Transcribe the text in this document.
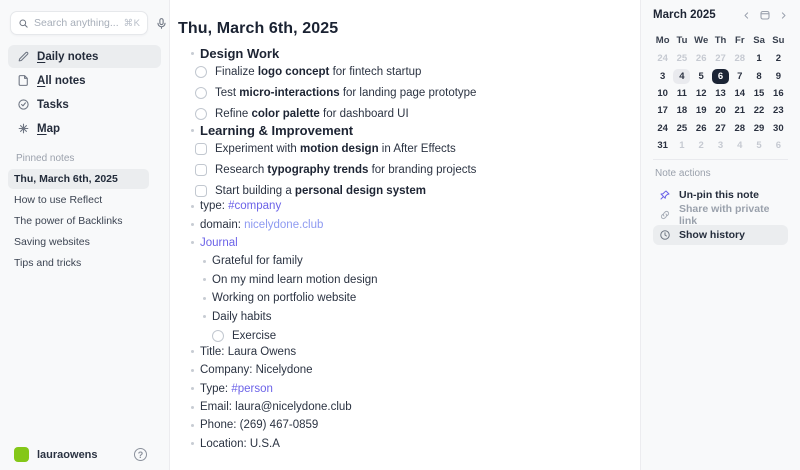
Search anything... ⌘K
Daily notes
All notes
Tasks
Map
Pinned notes
Thu, March 6th, 2025
How to use Reflect
The power of Backlinks
Saving websites
Tips and tricks
lauraowens	?
Thu, March 6th, 2025
Design Work
Finalize logo concept for fintech startup
Test micro-interactions for landing page prototype
Refine color palette for dashboard UI
Learning & Improvement
Experiment with motion design in After Effects
Research typography trends for branding projects
Start building a personal design system
type: #company
domain: nicelydone.club
Journal
Grateful for family
On my mind learn motion design
Working on portfolio website
Daily habits
Exercise
Title: Laura Owens
Company: Nicelydone
Type: #person
Email: laura@nicelydone.club
Phone: (269) 467-0859
Location: U.S.A
March 2025
Mo Tu We Th Fr Sa Su
24 25 26 27 28	1	2
3	4	5	6	7	8	9
10 11 12 13 14 15 16
17 18 19 20 21 22 23
24 25 26 27 28 29 30
31	1	2	3	4	5	6
Note actions
Un-pin this note
Share with private link
Show history
